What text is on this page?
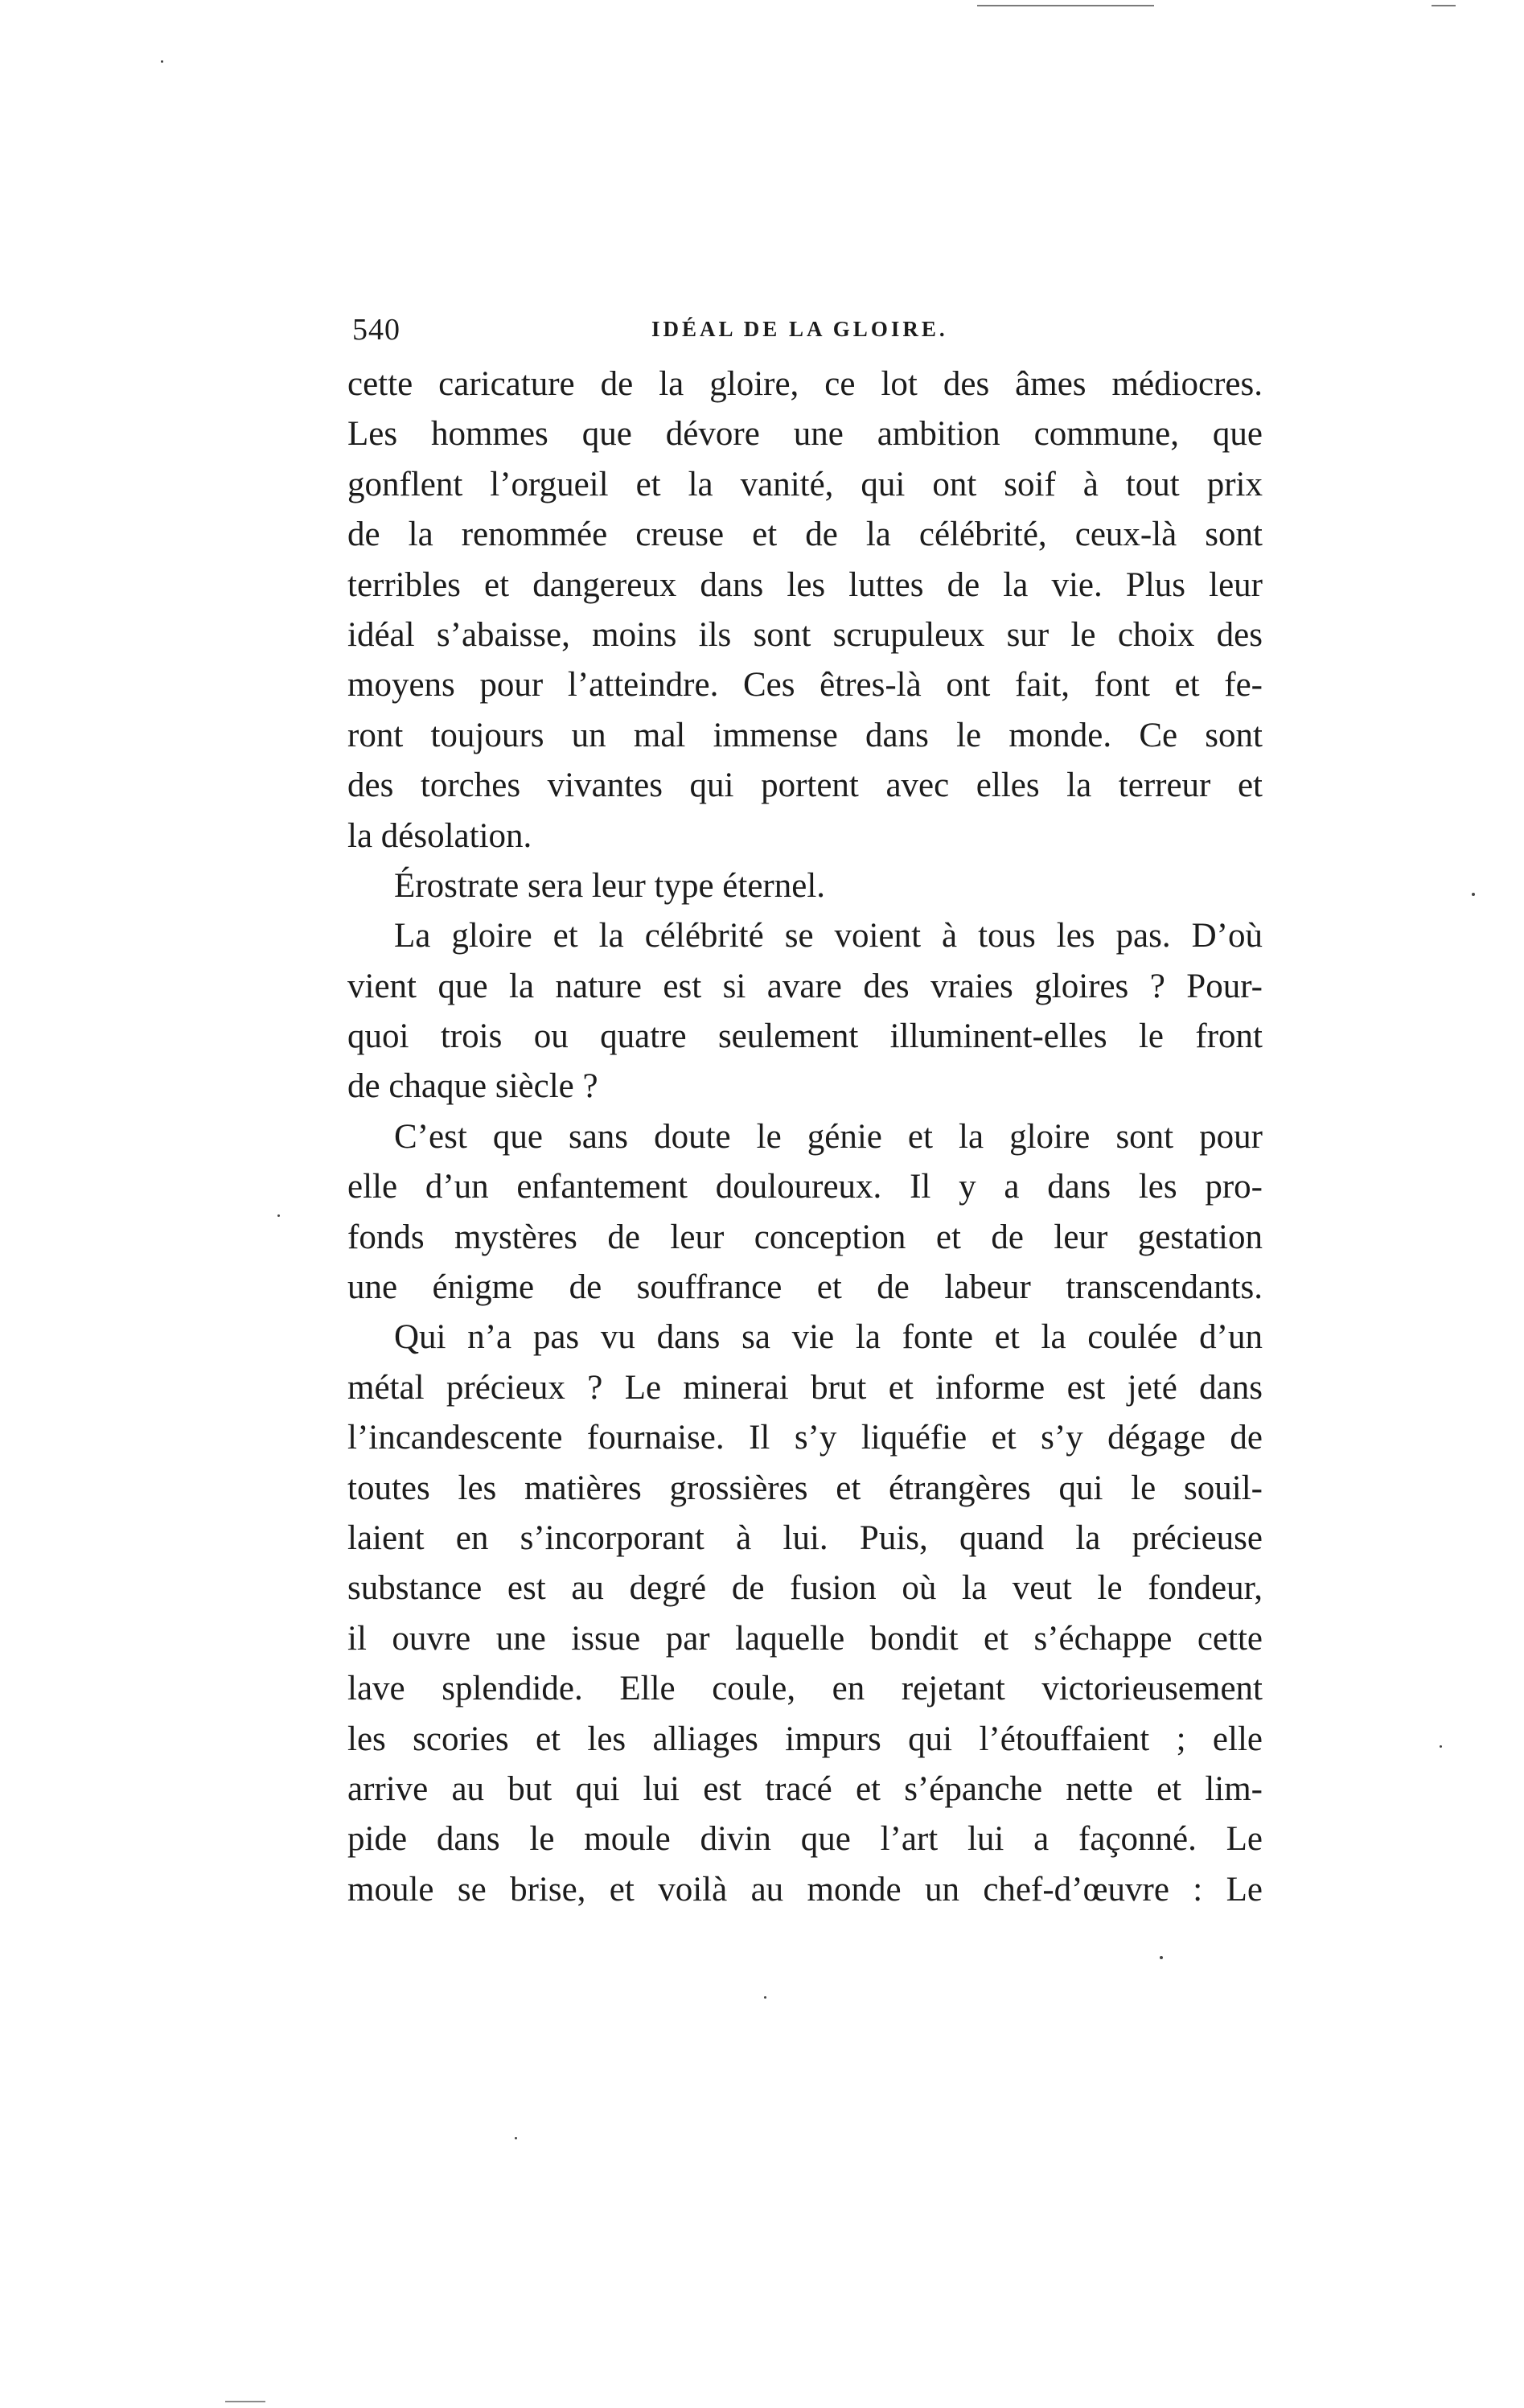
540	IDÉAL DE LA GLOIRE.
cette caricature de la gloire, ce lot des âmes médiocres.
Les hommes que dévore une ambition commune, que
gonflent l’orgueil et la vanité, qui ont soif à tout prix
de la renommée creuse et de la célébrité, ceux-là sont
terribles et dangereux dans les luttes de la vie. Plus leur
idéal s’abaisse, moins ils sont scrupuleux sur le choix des
moyens pour l’atteindre. Ces êtres-là ont fait, font et fe-
ront toujours un mal immense dans le monde. Ce sont
des torches vivantes qui portent avec elles la terreur et
la désolation.
Érostrate sera leur type éternel.
La gloire et la célébrité se voient à tous les pas. D’où
vient que la nature est si avare des vraies gloires ? Pour-
quoi trois ou quatre seulement illuminent-elles le front
de chaque siècle ?
C’est que sans doute le génie et la gloire sont pour
elle d’un enfantement douloureux. Il y a dans les pro-
fonds mystères de leur conception et de leur gestation
une énigme de souffrance et de labeur transcendants.
Qui n’a pas vu dans sa vie la fonte et la coulée d’un
métal précieux ? Le minerai brut et informe est jeté dans
l’incandescente fournaise. Il s’y liquéfie et s’y dégage de
toutes les matières grossières et étrangères qui le souil-
laient en s’incorporant à lui. Puis, quand la précieuse
substance est au degré de fusion où la veut le fondeur,
il ouvre une issue par laquelle bondit et s’échappe cette
lave splendide. Elle coule, en rejetant victorieusement
les scories et les alliages impurs qui l’étouffaient ; elle
arrive au but qui lui est tracé et s’épanche nette et lim-
pide dans le moule divin que l’art lui a façonné. Le
moule se brise, et voilà au monde un chef-d’œuvre : Le
